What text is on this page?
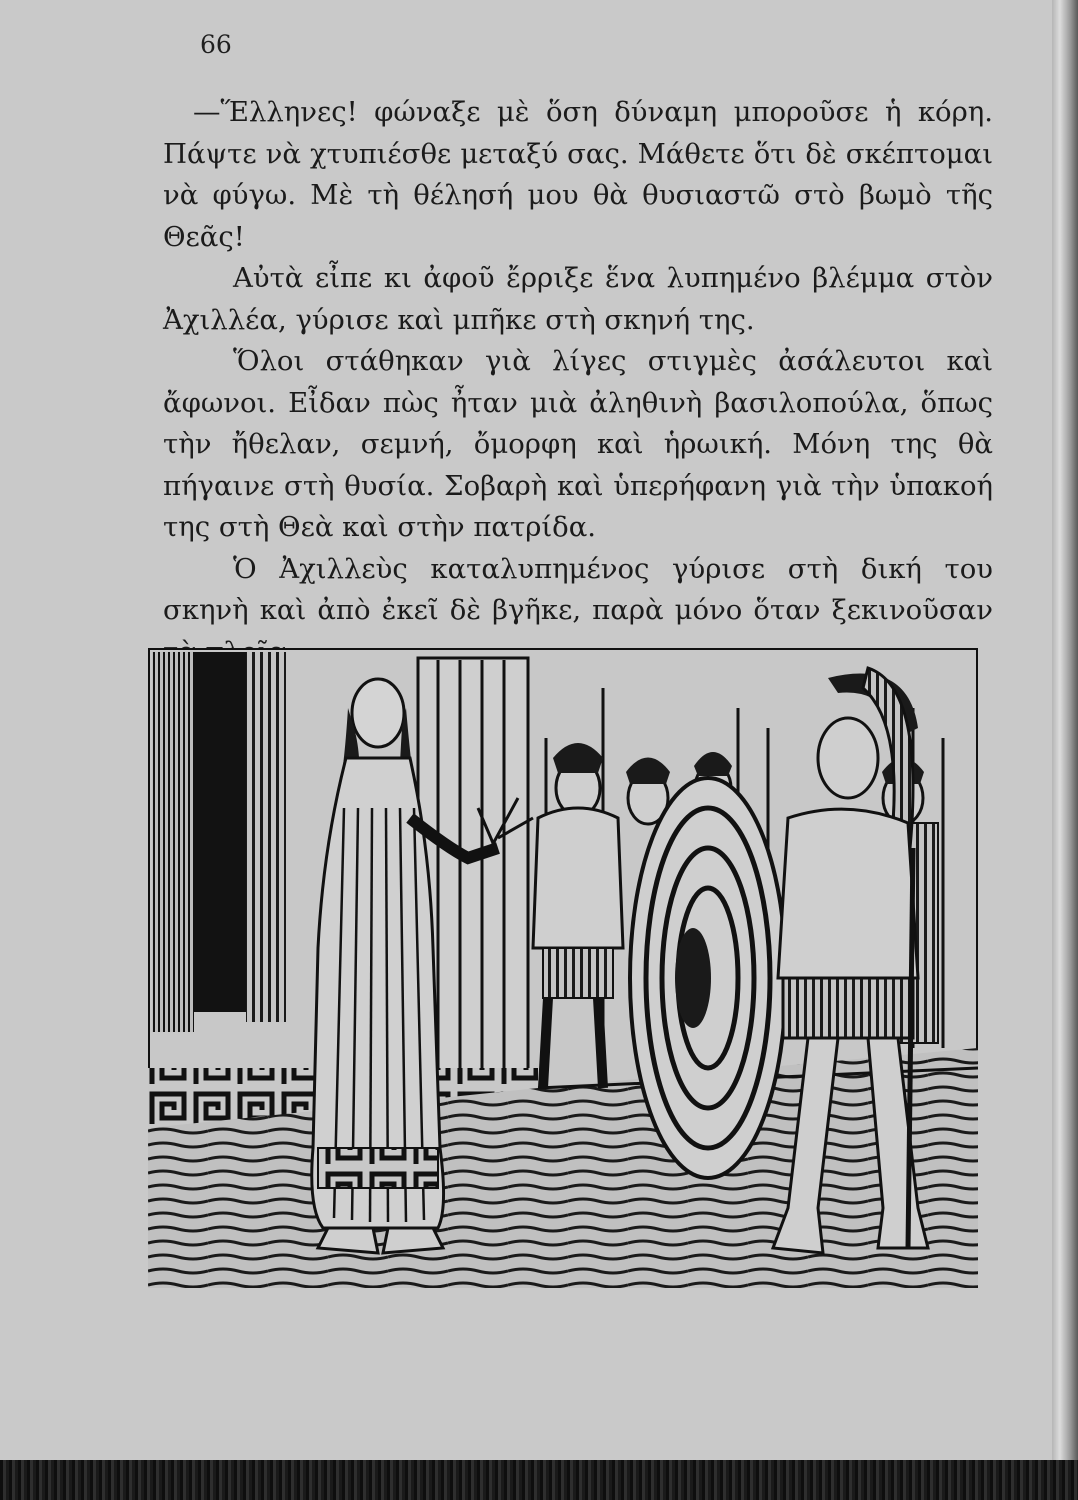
66

—Ἕλληνες! φώναξε μὲ ὅση δύναμη μποροῦσε ἡ κόρη. Πάψτε νὰ χτυπιέσθε μεταξύ σας. Μάθετε ὅτι δὲ σκέπτομαι νὰ φύγω. Μὲ τὴ θέλησή μου θὰ θυσιαστῶ στὸ βωμὸ τῆς Θεᾶς!

Αὐτὰ εἶπε κι ἀφοῦ ἔρριξε ἕνα λυπημένο βλέμμα στὸν Ἀχιλλέα, γύρισε καὶ μπῆκε στὴ σκηνή της.

Ὅλοι στάθηκαν γιὰ λίγες στιγμὲς ἀσάλευτοι καὶ ἄφωνοι. Εἶδαν πὼς ἦταν μιὰ ἀληθινὴ βασιλοπούλα, ὅπως τὴν ἤθελαν, σεμνή, ὄμορφη καὶ ἡρωική. Μόνη της θὰ πήγαινε στὴ θυσία. Σοβαρὴ καὶ ὑπερήφανη γιὰ τὴν ὑπακοή της στὴ Θεὰ καὶ στὴν πατρίδα.

Ὁ Ἀχιλλεὺς καταλυπημένος γύρισε στὴ δική του σκηνὴ καὶ ἀπὸ ἐκεῖ δὲ βγῆκε, παρὰ μόνο ὅταν ξεκινοῦσαν
